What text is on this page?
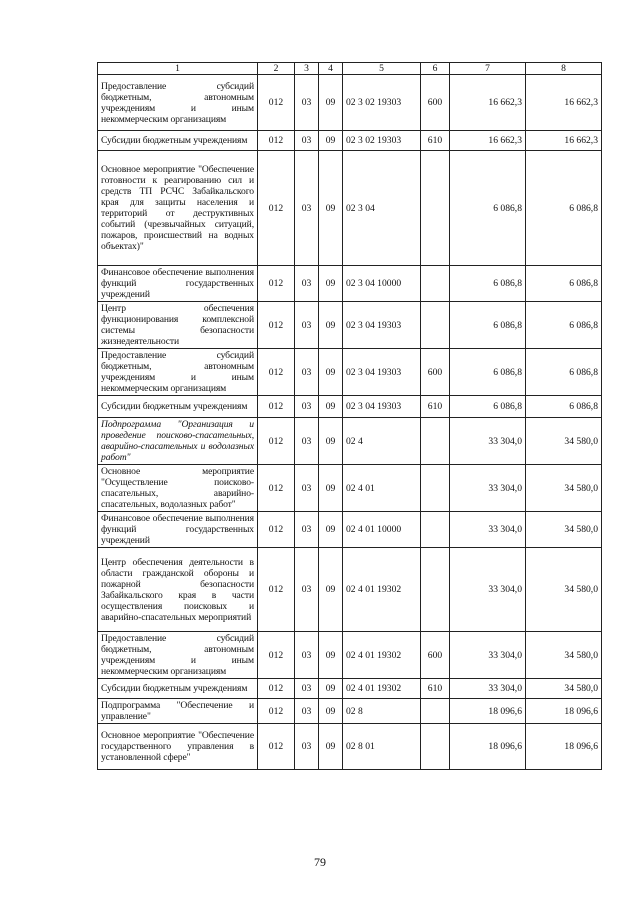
1	2	3	4	5	6	7	8
Предоставление субсидий бюджетным, автономным учреждениям и иным некоммерческим организациям	012	03	09	02 3 02 19303	600	16 662,3	16 662,3
Субсидии бюджетным учреждениям	012	03	09	02 3 02 19303	610	16 662,3	16 662,3
Основное мероприятие "Обеспечение готовности к реагированию сил и средств ТП РСЧС Забайкальского края для защиты населения и территорий от деструктивных событий (чрезвычайных ситуаций, пожаров, происшествий на водных объектах)"	012	03	09	02 3 04		6 086,8	6 086,8
Финансовое обеспечение выполнения функций государственных учреждений	012	03	09	02 3 04 10000		6 086,8	6 086,8
Центр обеспечения функционирования комплексной системы безопасности жизнедеятельности	012	03	09	02 3 04 19303		6 086,8	6 086,8
Предоставление субсидий бюджетным, автономным учреждениям и иным некоммерческим организациям	012	03	09	02 3 04 19303	600	6 086,8	6 086,8
Субсидии бюджетным учреждениям	012	03	09	02 3 04 19303	610	6 086,8	6 086,8
Подпрограмма "Организация и проведение поисково-спасательных, аварийно-спасательных и водолазных работ"	012	03	09	02 4		33 304,0	34 580,0
Основное мероприятие "Осуществление поисково-спасательных, аварийно-спасательных, водолазных работ"	012	03	09	02 4 01		33 304,0	34 580,0
Финансовое обеспечение выполнения функций государственных учреждений	012	03	09	02 4 01 10000		33 304,0	34 580,0
Центр обеспечения деятельности в области гражданской обороны и пожарной безопасности Забайкальского края в части осуществления поисковых и аварийно-спасательных мероприятий	012	03	09	02 4 01 19302		33 304,0	34 580,0
Предоставление субсидий бюджетным, автономным учреждениям и иным некоммерческим организациям	012	03	09	02 4 01 19302	600	33 304,0	34 580,0
Субсидии бюджетным учреждениям	012	03	09	02 4 01 19302	610	33 304,0	34 580,0
Подпрограмма "Обеспечение и управление"	012	03	09	02 8		18 096,6	18 096,6
Основное мероприятие "Обеспечение государственного управления в установленной сфере"	012	03	09	02 8 01		18 096,6	18 096,6
79
